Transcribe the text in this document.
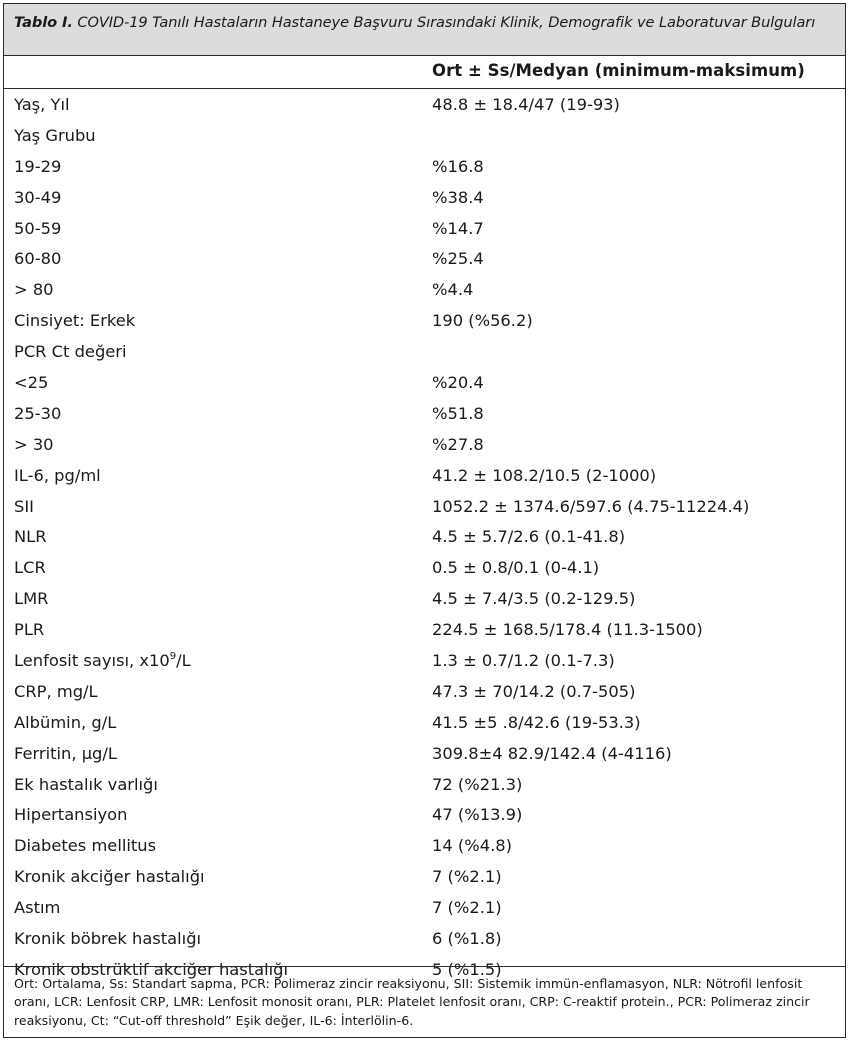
Tablo I. COVID-19 Tanılı Hastaların Hastaneye Başvuru Sırasındaki Klinik, Demografik ve Laboratuvar Bulguları
Ort ± Ss/Medyan (minimum-maksimum)
Yaş, Yıl	48.8 ± 18.4/47 (19-93)
Yaş Grubu
19-29	%16.8
30-49	%38.4
50-59	%14.7
60-80	%25.4
> 80	%4.4
Cinsiyet: Erkek	190 (%56.2)
PCR Ct değeri
<25	%20.4
25-30	%51.8
> 30	%27.8
IL-6, pg/ml	41.2 ± 108.2/10.5 (2-1000)
SII	1052.2 ± 1374.6/597.6 (4.75-11224.4)
NLR	4.5 ± 5.7/2.6 (0.1-41.8)
LCR	0.5 ± 0.8/0.1 (0-4.1)
LMR	4.5 ± 7.4/3.5 (0.2-129.5)
PLR	224.5 ± 168.5/178.4 (11.3-1500)
Lenfosit sayısı, $x10^9/L$	1.3 ± 0.7/1.2 (0.1-7.3)
CRP, mg/L	47.3 ± 70/14.2 (0.7-505)
Albümin, g/L	41.5 ±5 .8/42.6 (19-53.3)
Ferritin, µg/L	309.8±4 82.9/142.4 (4-4116)
Ek hastalık varlığı	72 (%21.3)
Hipertansiyon	47 (%13.9)
Diabetes mellitus	14 (%4.8)
Kronik akciğer hastalığı	7 (%2.1)
Astım	7 (%2.1)
Kronik böbrek hastalığı	6 (%1.8)
Kronik obstrüktif akciğer hastalığı	5 (%1.5)
Ort: Ortalama, Ss: Standart sapma, PCR: Polimeraz zincir reaksiyonu, SII: Sistemik immün-enflamasyon, NLR: Nötrofil lenfosit oranı, LCR: Lenfosit CRP, LMR: Lenfosit monosit oranı, PLR: Platelet lenfosit oranı, CRP: C-reaktif protein., PCR: Polimeraz zincir reaksiyonu, Ct: “Cut-off threshold” Eşik değer, IL-6: İnterlölin-6.
